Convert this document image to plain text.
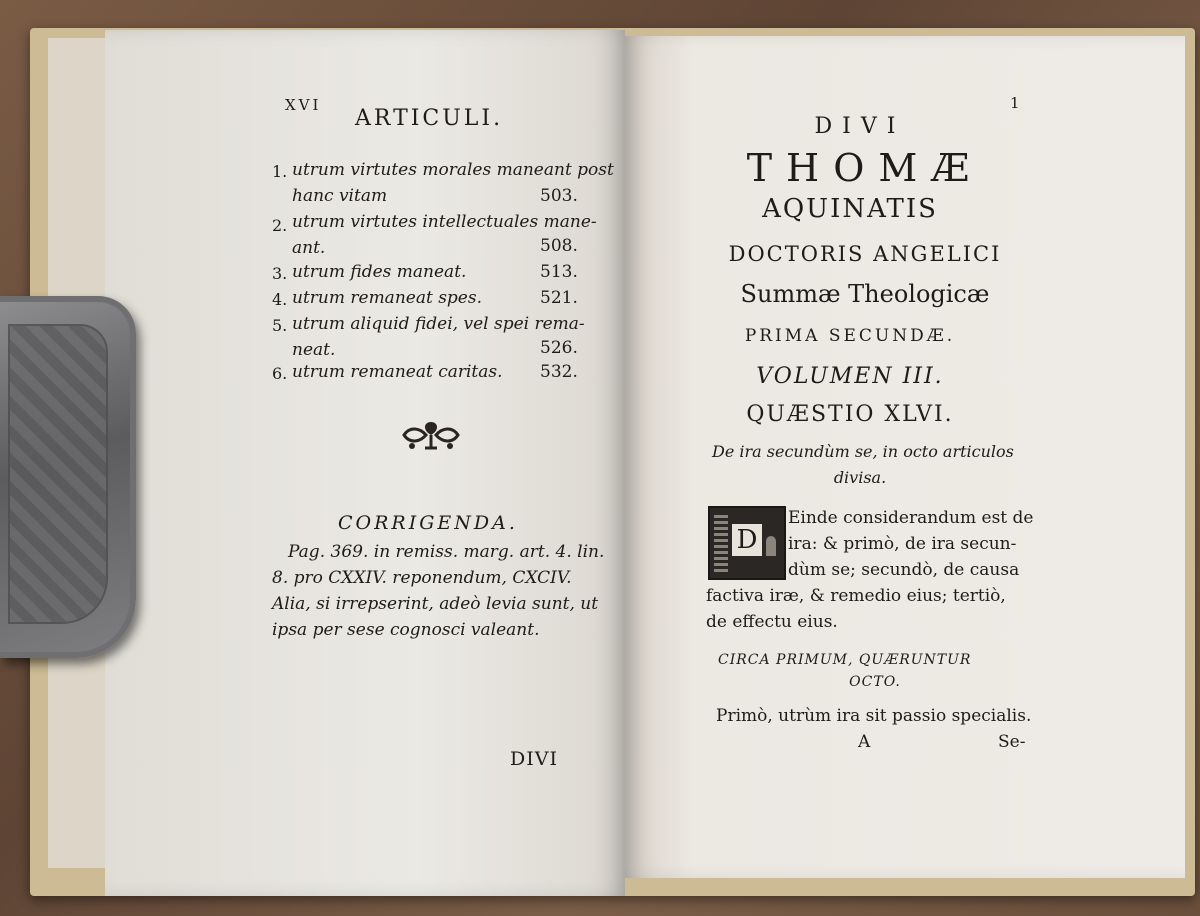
XVI
ARTICULI.
1. utrum virtutes morales maneant post
hanc vitam	503.
2. utrum virtutes intellectuales mane-
ant.	508.
3. utrum fides maneat.	513.
4. utrum remaneat spes.	521.
5. utrum aliquid fidei, vel spei rema-
neat.	526.
6. utrum remaneat caritas. 532.
CORRIGENDA.
Pag. 369. in remiss. marg. art. 4. lin.
8. pro CXXIV. reponendum, CXCIV.
Alia, si irrepserint, adeò levia sunt, ut
ipsa per sese cognosci valeant.
DIVI
1
DIVI
THOMÆ
AQUINATIS
DOCTORIS ANGELICI
Summæ Theologicæ
PRIMA SECUNDÆ.
VOLUMEN III.
QUÆSTIO XLVI.
De ira secundùm se, in octo articulos
divisa.
D
Einde considerandum est de
ira: & primò, de ira secun-
dùm se; secundò, de causa
factiva iræ, & remedio eius; tertiò,
de effectu eius.
CIRCA PRIMUM, QUÆRUNTUR
OCTO.
Primò, utrùm ira sit passio specialis.
A	Se-
